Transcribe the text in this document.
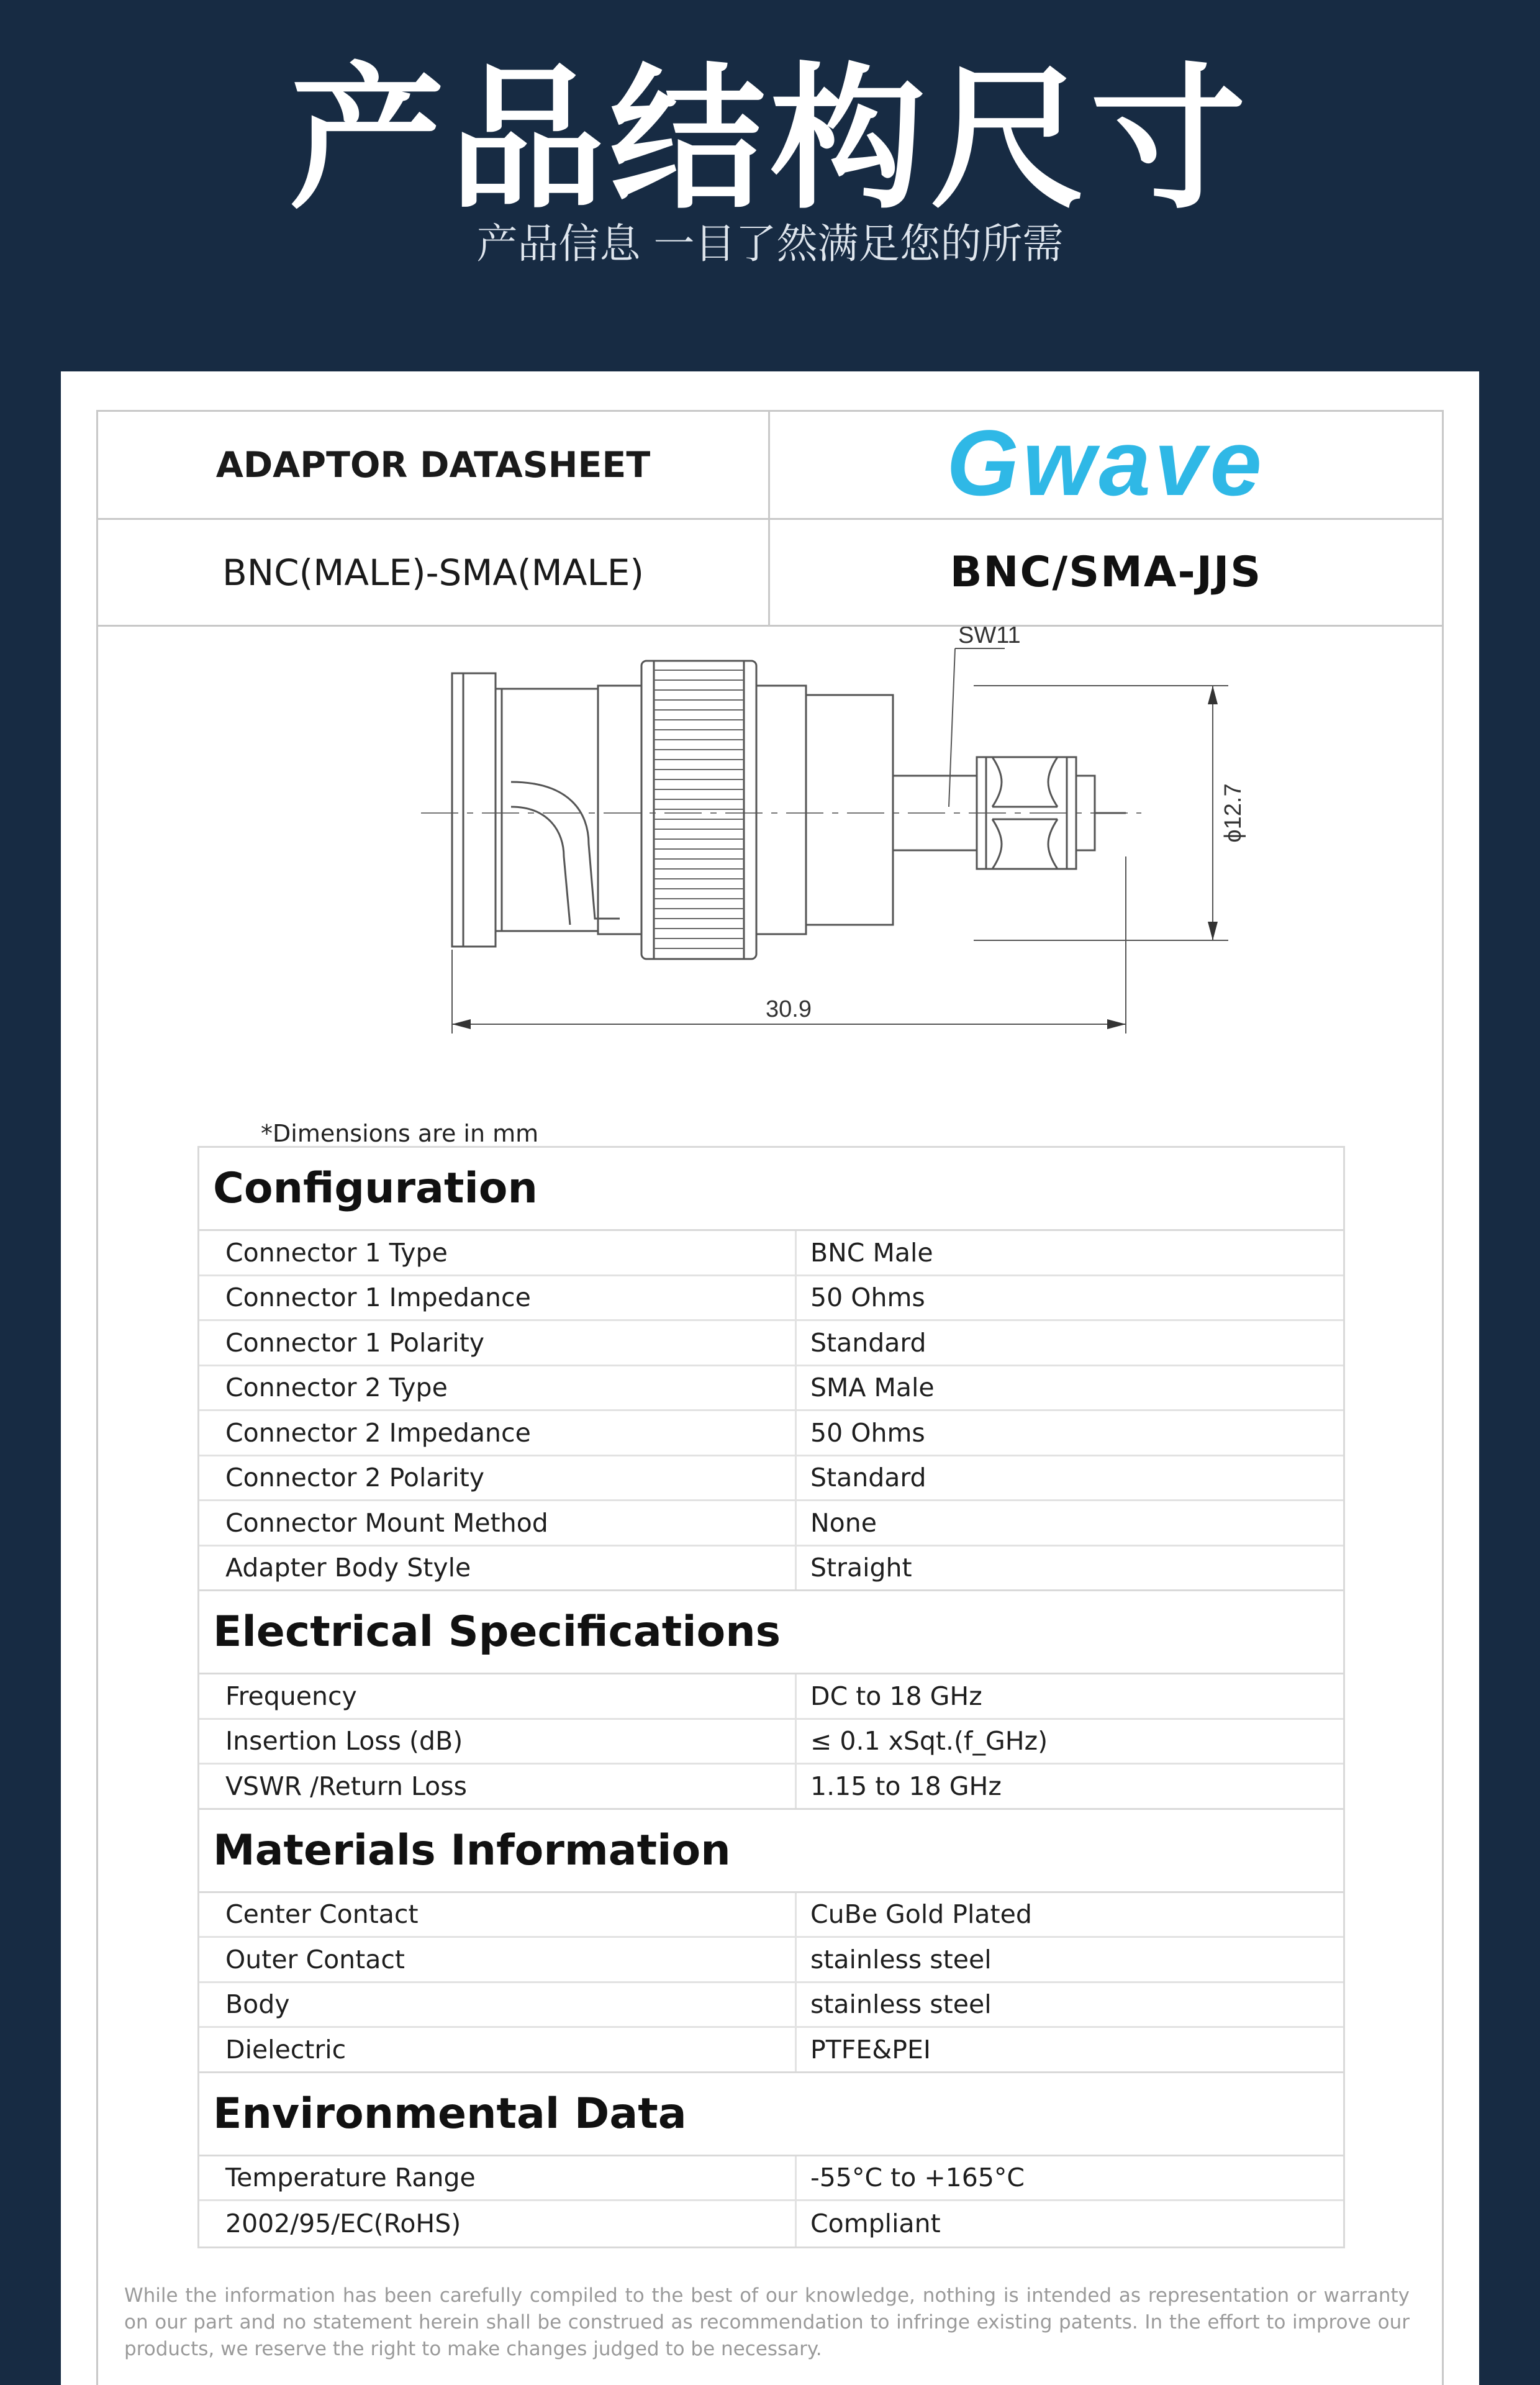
产品结构尺寸
产品信息 一目了然满足您的所需
ADAPTOR DATASHEET	Gwave
BNC(MALE)-SMA(MALE)	BNC/SMA-JJS
SW11
30.9
ϕ12.7
*Dimensions are in mm
Configuration
Connector 1 Type	BNC Male
Connector 1 Impedance	50 Ohms
Connector 1 Polarity	Standard
Connector 2 Type	SMA Male
Connector 2 Impedance	50 Ohms
Connector 2 Polarity	Standard
Connector Mount Method	None
Adapter Body Style	Straight
Electrical Specifications
Frequency	DC to 18 GHz
Insertion Loss (dB)	≤ 0.1 xSqt.(f_GHz)
VSWR /Return Loss	1.15 to 18 GHz
Materials Information
Center Contact	CuBe Gold Plated
Outer Contact	stainless steel
Body	stainless steel
Dielectric	PTFE&PEI
Environmental Data
Temperature Range	-55°C to +165°C
2002/95/EC(RoHS)	Compliant
While the information has been carefully compiled to the best of our knowledge, nothing is intended as representation or warranty on our part and no statement herein shall be construed as recommendation to infringe existing patents. In the effort to improve our products, we reserve the right to make changes judged to be necessary.
